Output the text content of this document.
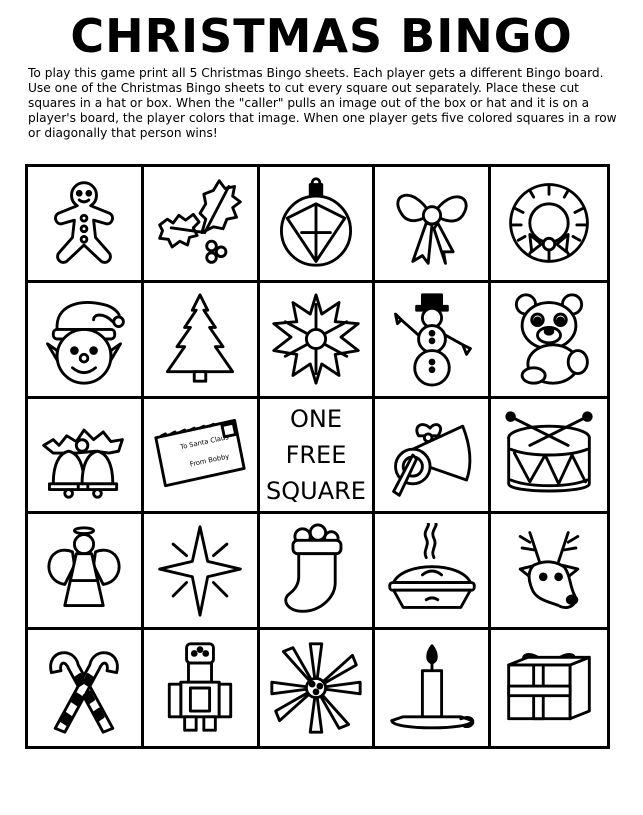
CHRISTMAS BINGO
To play this game print all 5 Christmas Bingo sheets. Each player gets a different Bingo board. Use one of the Christmas Bingo sheets to cut every square out separately. Place these cut squares in a hat or box. When the "caller" pulls an image out of the box or hat and it is on a player's board, the player colors that image. When one player gets five colored squares in a row or diagonally that person wins!
To Santa Claus
From Bobby
ONE
FREE
SQUARE
